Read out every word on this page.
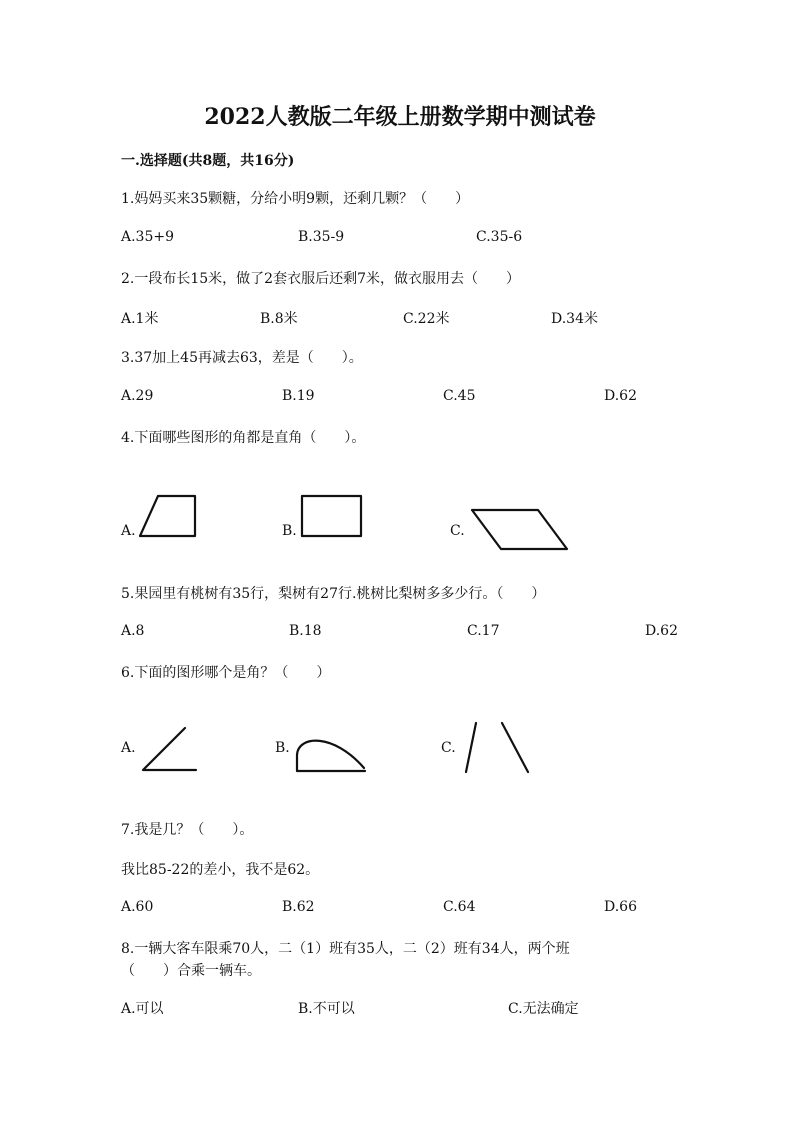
2022人教版二年级上册数学期中测试卷
一.选择题(共8题，共16分)
1.妈妈买来35颗糖，分给小明9颗，还剩几颗？（　　）
A.35+9	B.35-9	C.35-6
2.一段布长15米，做了2套衣服后还剩7米，做衣服用去（　　）
A.1米	B.8米	C.22米	D.34米
3.37加上45再减去63，差是（　　）。
A.29	B.19	C.45	D.62
4.下面哪些图形的角都是直角（　　）。
A.	B.	C.
5.果园里有桃树有35行，梨树有27行.桃树比梨树多多少行。（　　）
A.8	B.18	C.17	D.62
6.下面的图形哪个是角？（　　）
A.	B.	C.
7.我是几？（　　）。
我比85-22的差小，我不是62。
A.60	B.62	C.64	D.66
8.一辆大客车限乘70人，二（1）班有35人，二（2）班有34人，两个班
（　　）合乘一辆车。
A.可以	B.不可以	C.无法确定
